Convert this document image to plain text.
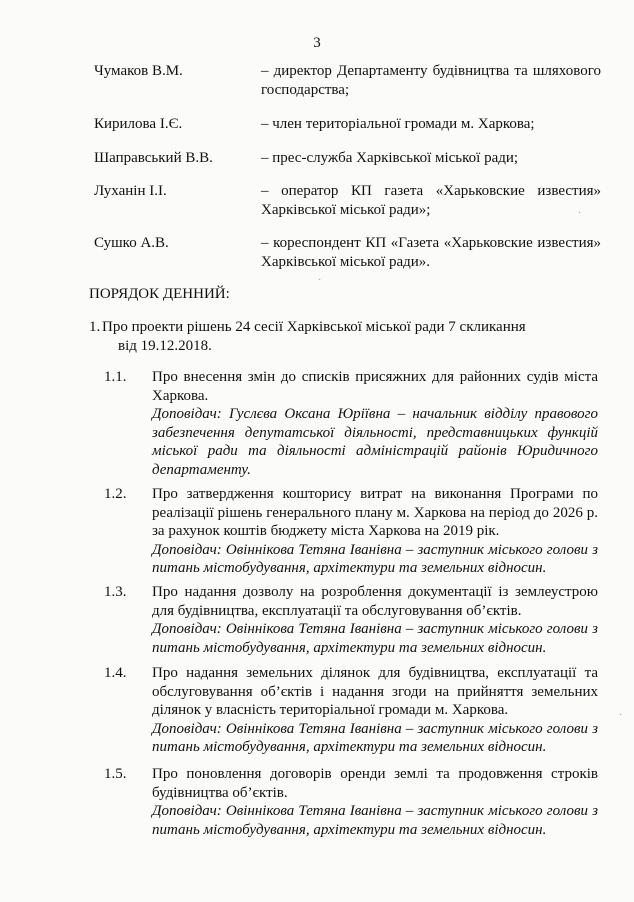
3
Чумаков В.М.	– директор Департаменту будівництва та шляхового господарства;
Кирилова І.Є.	– член територіальної громади м. Харкова;
Шаправський В.В.	– прес-служба Харківської міської ради;
Луханін І.І.	– оператор КП газета «Харьковские известия» Харківської міської ради»;
Сушко А.В.	– кореспондент КП «Газета «Харьковские известия» Харківської міської ради».
ПОРЯДОК ДЕННИЙ:
1. Про проекти рішень 24 сесії Харківської міської ради 7 скликання
від 19.12.2018.
1.1. Про внесення змін до списків присяжних для районних судів міста Харкова.
Доповідач: Гуслєва Оксана Юріївна – начальник відділу правового забезпечення депутатської діяльності, представницьких функцій міської ради та діяльності адміністрацій районів Юридичного департаменту.
1.2. Про затвердження кошторису витрат на виконання Програми по реалізації рішень генерального плану м. Харкова на період до 2026 р. за рахунок коштів бюджету міста Харкова на 2019 рік.
Доповідач: Овіннікова Тетяна Іванівна – заступник міського голови з питань містобудування, архітектури та земельних відносин.
1.3. Про надання дозволу на розроблення документації із землеустрою для будівництва, експлуатації та обслуговування об’єктів.
Доповідач: Овіннікова Тетяна Іванівна – заступник міського голови з питань містобудування, архітектури та земельних відносин.
1.4. Про надання земельних ділянок для будівництва, експлуатації та обслуговування об’єктів і надання згоди на прийняття земельних ділянок у власність територіальної громади м. Харкова.
Доповідач: Овіннікова Тетяна Іванівна – заступник міського голови з питань містобудування, архітектури та земельних відносин.
1.5. Про поновлення договорів оренди землі та продовження строків будівництва об’єктів.
Доповідач: Овіннікова Тетяна Іванівна – заступник міського голови з питань містобудування, архітектури та земельних відносин.
·
·
·
